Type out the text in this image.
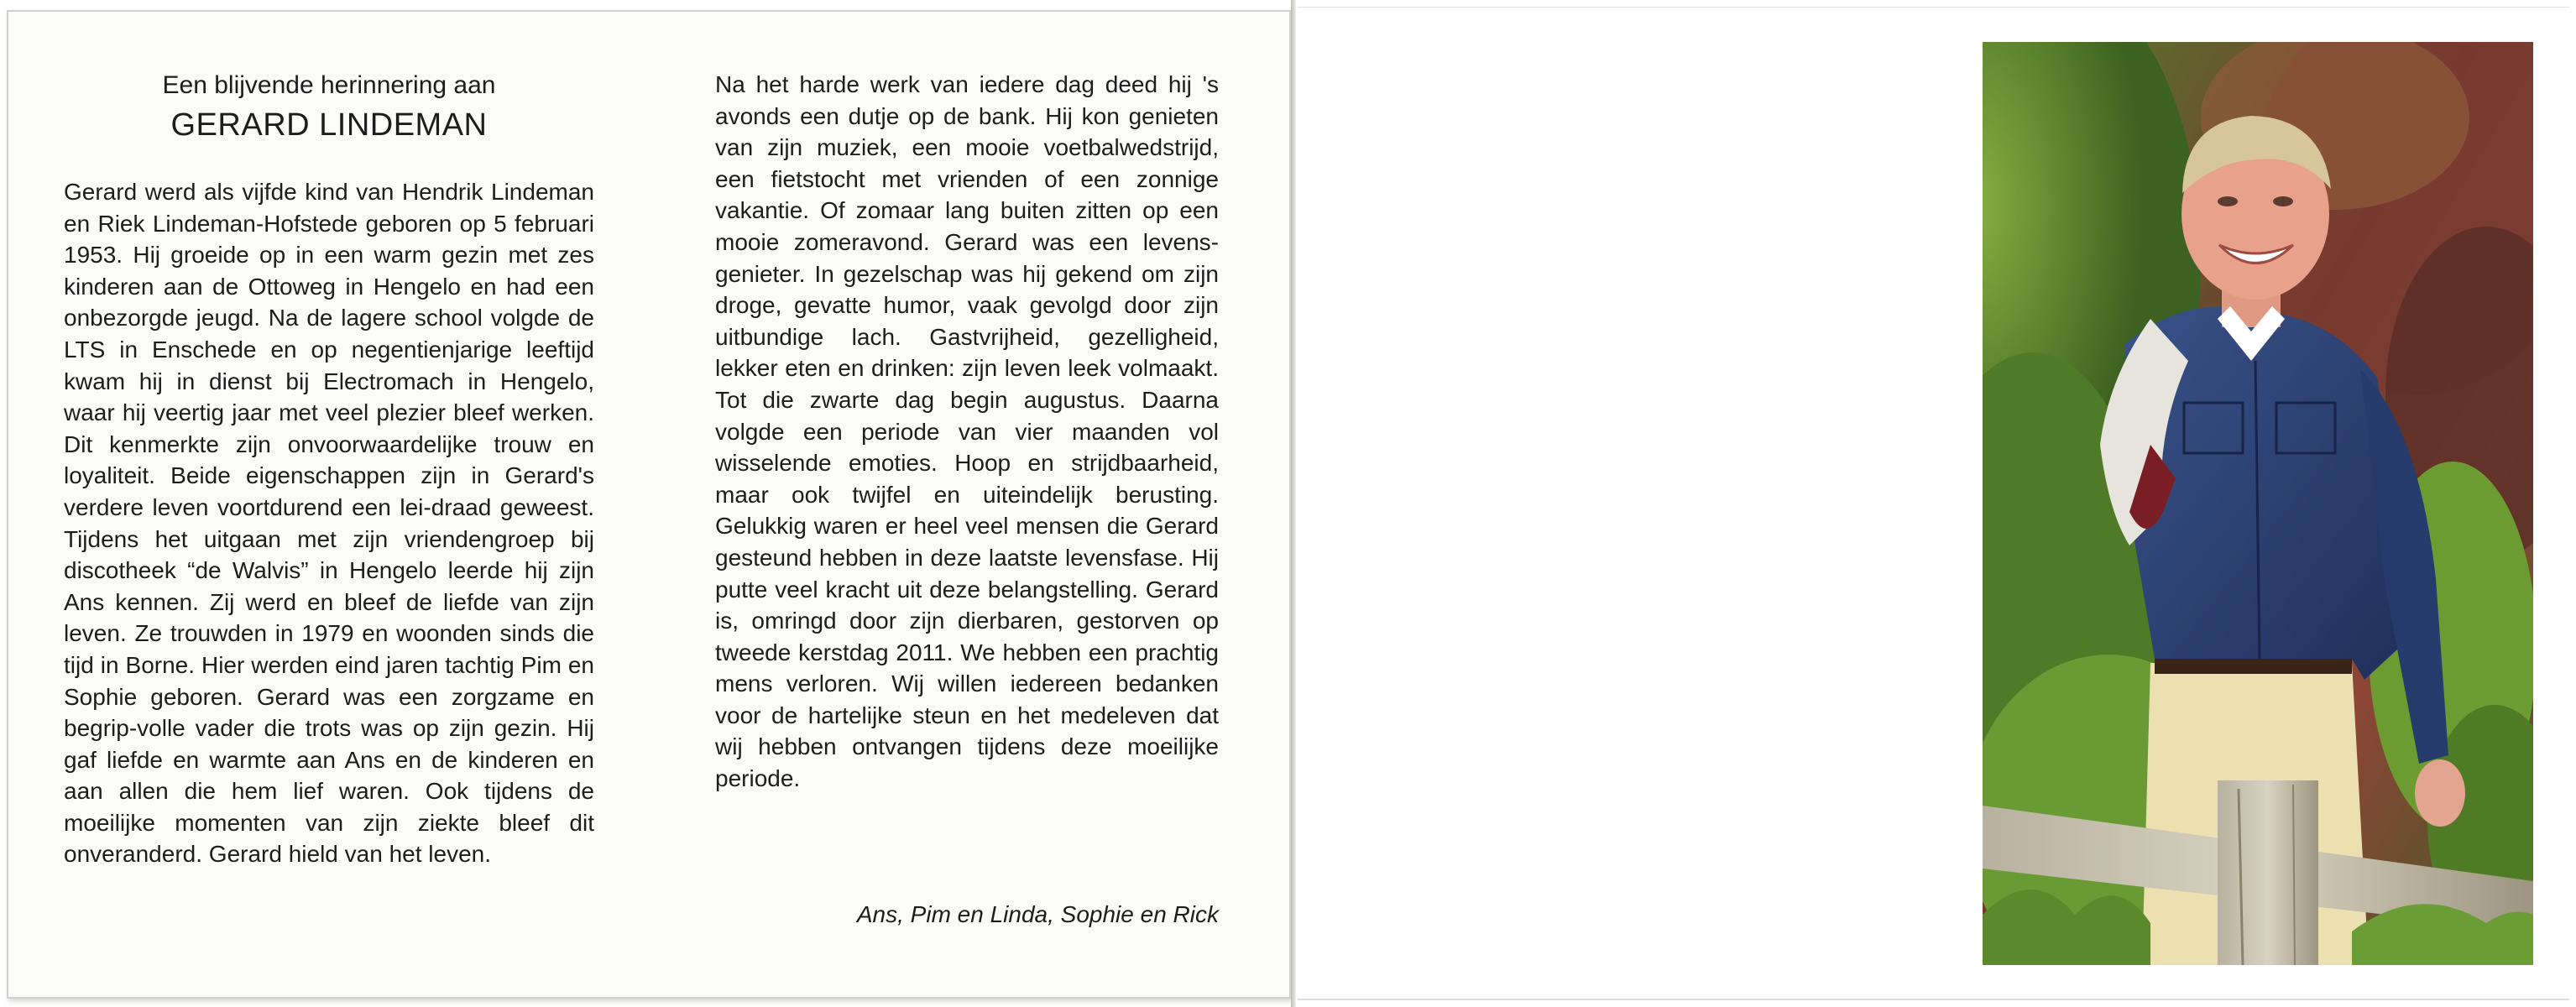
Een blijvende herinnering aan
GERARD LINDEMAN
Gerard werd als vijfde kind van Hendrik Lindeman en Riek Lindeman-Hofstede geboren op 5 februari 1953. Hij groeide op in een warm gezin met zes kinderen aan de Ottoweg in Hengelo en had een onbezorgde jeugd. Na de lagere school volgde de LTS in Enschede en op negentienjarige leeftijd kwam hij in dienst bij Electromach in Hengelo, waar hij veertig jaar met veel plezier bleef werken. Dit kenmerkte zijn onvoorwaardelijke trouw en loyaliteit. Beide eigenschappen zijn in Gerard's verdere leven voortdurend een lei-draad geweest. Tijdens het uitgaan met zijn vriendengroep bij discotheek “de Walvis” in Hengelo leerde hij zijn Ans kennen. Zij werd en bleef de liefde van zijn leven. Ze trouwden in 1979 en woonden sinds die tijd in Borne. Hier werden eind jaren tachtig Pim en Sophie geboren. Gerard was een zorgzame en begrip-volle vader die trots was op zijn gezin. Hij gaf liefde en warmte aan Ans en de kinderen en aan allen die hem lief waren. Ook tijdens de moeilijke momenten van zijn ziekte bleef dit onveranderd. Gerard hield van het leven.
Na het harde werk van iedere dag deed hij 's avonds een dutje op de bank. Hij kon genieten van zijn muziek, een mooie voetbalwedstrijd, een fietstocht met vrienden of een zonnige vakantie. Of zomaar lang buiten zitten op een mooie zomeravond. Gerard was een levens-genieter. In gezelschap was hij gekend om zijn droge, gevatte humor, vaak gevolgd door zijn uitbundige lach. Gastvrijheid, gezelligheid, lekker eten en drinken: zijn leven leek volmaakt. Tot die zwarte dag begin augustus. Daarna volgde een periode van vier maanden vol wisselende emoties. Hoop en strijdbaarheid, maar ook twijfel en uiteindelijk berusting. Gelukkig waren er heel veel mensen die Gerard gesteund hebben in deze laatste levensfase. Hij putte veel kracht uit deze belangstelling. Gerard is, omringd door zijn dierbaren, gestorven op tweede kerstdag 2011. We hebben een prachtig mens verloren. Wij willen iedereen bedanken voor de hartelijke steun en het medeleven dat wij hebben ontvangen tijdens deze moeilijke periode.
Ans, Pim en Linda, Sophie en Rick
